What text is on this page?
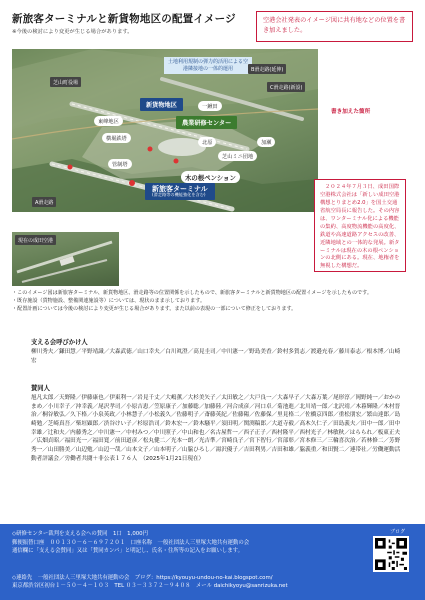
新旅客ターミナルと新貨物地区の配置イメージ
※今後の検討により変更が生じる場合があります。
空港会社発表のイメージ図に共有地などの位置を書き加えました。
土地利用規制の弾力的活用による空港隣接地の一体的運用
芝山町役場
新貨物地区
C滑走路(新設)
B滑走路(延伸)
一鍬田
農業研修センター
東峰地区
横堀鉄塔
北原	加瀬
管制塔
芝山ミニ団地
木の根ペンション
新旅客ターミナル
(滑走路等の機能強化を含む)
A滑走路
書き加えた箇所
現在の成田空港
２０２４年７月３日、成田国際空港株式会社は「新しい成田空港構想とりまとめ2.0」を国土交通省航空局長に報告した。その内容は、ワンターミナル化による機能の集約、高度物流機能の高度化、鉄道や高速道路アクセスの改善、近隣地域との一体的な発展。新ターミナルは現在の木の根ペンションの北側にある。現在、地権者を無視した構想だ。
・このイメージ図は新旅客ターミナル、新貨物地区、滑走路等の位置関係を示したもので、新旅客ターミナルと新貨物地区の配置イメージを示したものです。
・既存施設（貨物施設、整備関連施設等）については、現状のまま示しております。
・配置計画については今後の検討により変更が生じる場合があります。また以前の表現の一部について修正をしております。
支える会呼びかけ人
柳川秀夫／鎌田慧／平野靖識／大森武徳／山口幸夫／白川眞澄／高見圭司／中川憲一／野島美香／鈴村多賀志／渡邉充春／藤川泰志／根本博／山崎宏
賛同人
旭凡太郎／天野隆／伊藤康也／伊東利一／岩見千丈／大嶋薫／大杉美矢子／太田敏之／大戸良一／大森早子／大森万葉／尾形淳／岡野純一／おかのまめ／小川幸子／沖幸義／尾沢孝司／小原吉恵／笠原康子／加藤聡／加藤陸／河合成彦／河口卓／菊池進／北川靖一郎／北沢靖／木暮輝隆／木村晋治／桐谷敏弘／久下格／小泉英政／小林慧子／小松義久／佐藤明子／斎藤英紀／佐藤陽／佐藤保／里見格二／佐橋京四郎／重松朋宏／繁山達郎／島崎勉／芝崎真吾／柴垣顕郎／渋谷けい子／杉原浩司／鈴木宏一／鈴木騒平／須田明／関渕稿郎／大道寺毅／高木久仁子／田島義夫／田中一郎／田中幸雄／辻和夫／内藤秀之／中川憲一／中村みつ／中川照子／中山和也／名古屋哲一／西子正子／西村隆平／西村光子／林敏秋／はらられ／板東正夫／広畑貞昭／福田光一／福田寛／前田道彦／松丸健二／光本一朗／光吉準／宮崎良子／宮下智行／宮部彰／宮本修三／三輪喜次治／若林修二／芳野秀一／山田勝美／山辺勉／山辺一哉／山本文子／山本明子／山脇ひろし／湯沢優子／吉田利男／吉田和雄／脇義重／和田賢二／連帯社／労働運動活動者評議会／労働者共闘＋非公表１７６人　（2025年1月21日現在）
◇研修センター裁判を支える会への賛同　1口　1,000円
郵便振替口座　００１３０－６－６９７２０１　口座名称　一般社団法人三里塚大地共有運動の会
通信欄に「支える会賛同」又は「賛同カンパ」と明記し、氏名・住所等の記入をお願いします。
ブログ
◇連絡先　一般社団法人三里塚大地共有運動の会　ブログ：https://kyouyu-undou-no-kai.blogspot.com/
東京都渋谷区初台１－５０－４－１０３　TEL ０３－３３７２－９４０８　メール daichikyoyu@sanrizuka.net
